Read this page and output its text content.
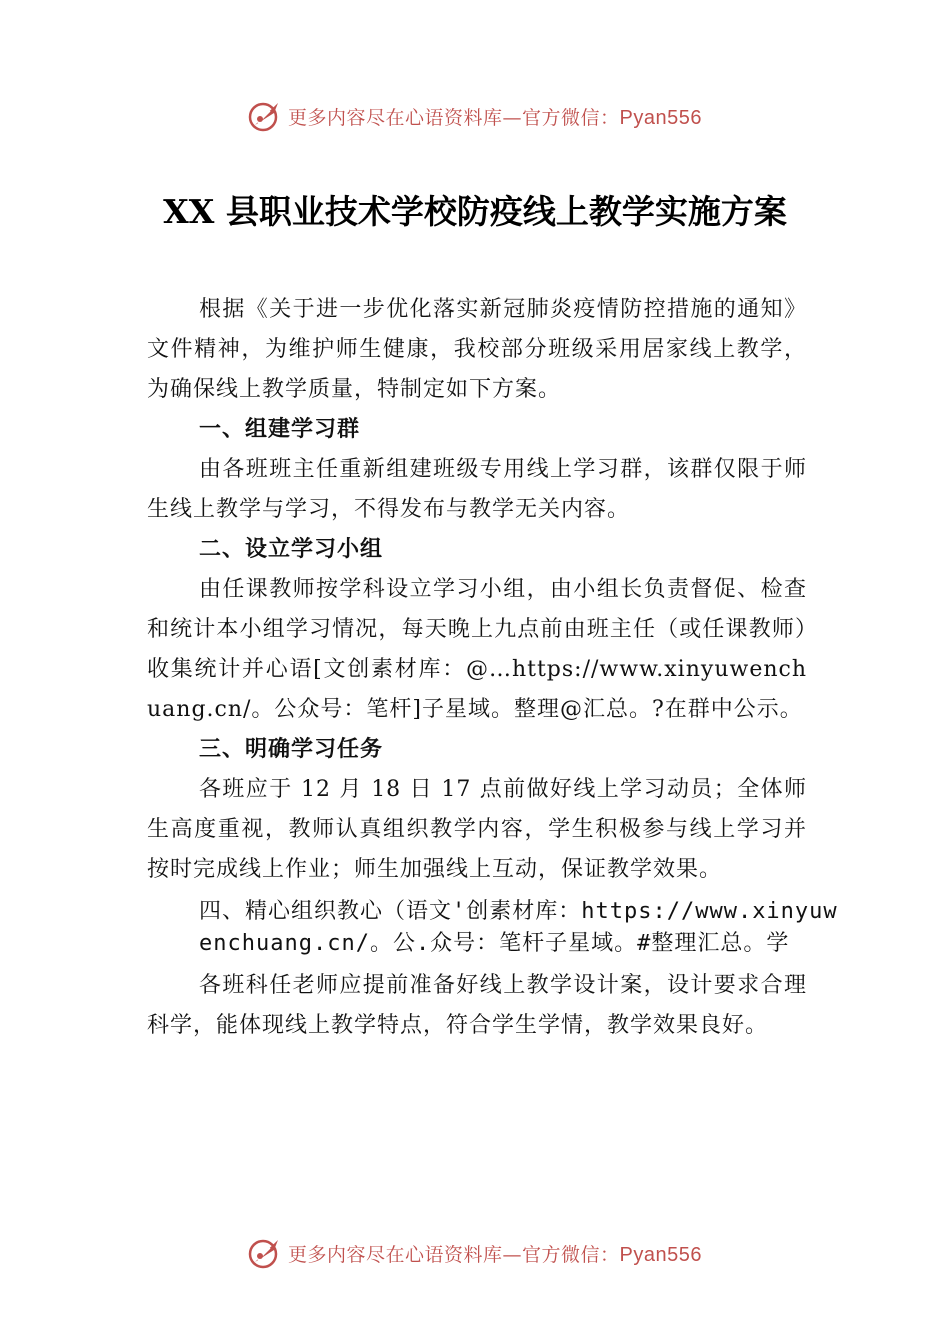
更多内容尽在心语资料库—官方微信：Pyan556
XX 县职业技术学校防疫线上教学实施方案

根据《关于进一步优化落实新冠肺炎疫情防控措施的通知》文件精神，为维护师生健康，我校部分班级采用居家线上教学，为确保线上教学质量，特制定如下方案。

一、组建学习群

由各班班主任重新组建班级专用线上学习群，该群仅限于师生线上教学与学习，不得发布与教学无关内容。

二、设立学习小组

由任课教师按学科设立学习小组，由小组长负责督促、检查和统计本小组学习情况，每天晚上九点前由班主任（或任课教师）收集统计并心语[文创素材库：@…https://www.xinyuwenchuang.cn/。公众号：笔杆]子星域。整理@汇总。?在群中公示。

三、明确学习任务

各班应于 12 月 18 日 17 点前做好线上学习动员；全体师生高度重视，教师认真组织教学内容，学生积极参与线上学习并按时完成线上作业；师生加强线上互动，保证教学效果。

四、精心组织教心（语文'创素材库：https://www.xinyuwenchuang.cn/。公.众号：笔杆子星域。#整理汇总。学

各班科任老师应提前准备好线上教学设计案，设计要求合理科学，能体现线上教学特点，符合学生学情，教学效果良好。

更多内容尽在心语资料库—官方微信：Pyan556
